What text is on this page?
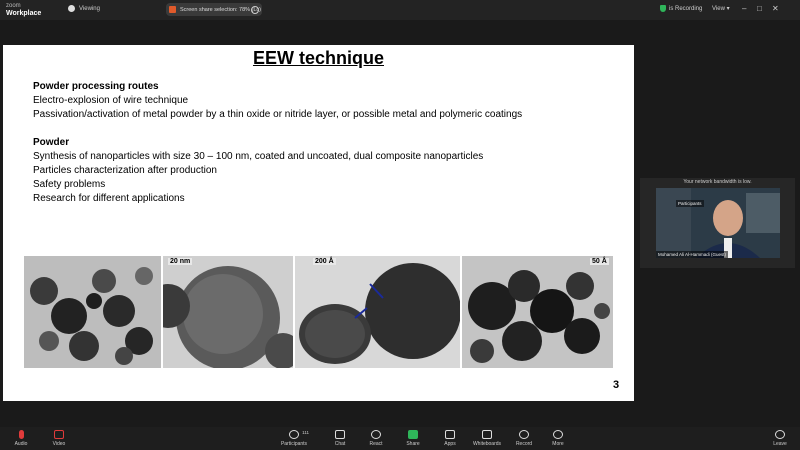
zoom
Workplace
Viewing	Screen share selection: 78% (Lc)	is Recording View ▾ – □ ✕
EEW technique
Powder processing routes
Electro-explosion of wire technique
Passivation/activation of metal powder by a thin oxide or nitride layer, or possible metal and polymeric coatings
Powder
Synthesis of nanoparticles with size 30 – 100 nm, coated and uncoated, dual composite nanoparticles
Particles characterization after production
Safety problems
Research for different applications
20 nm	200 Å	50 Å
3
Your network bandwidth is low.
Participants
Mohamed Ali Al-Hammadi (Guest)
Audio	Video
111
Participants	Chat	React	Share	Apps	Whiteboards	Record	More	Leave
